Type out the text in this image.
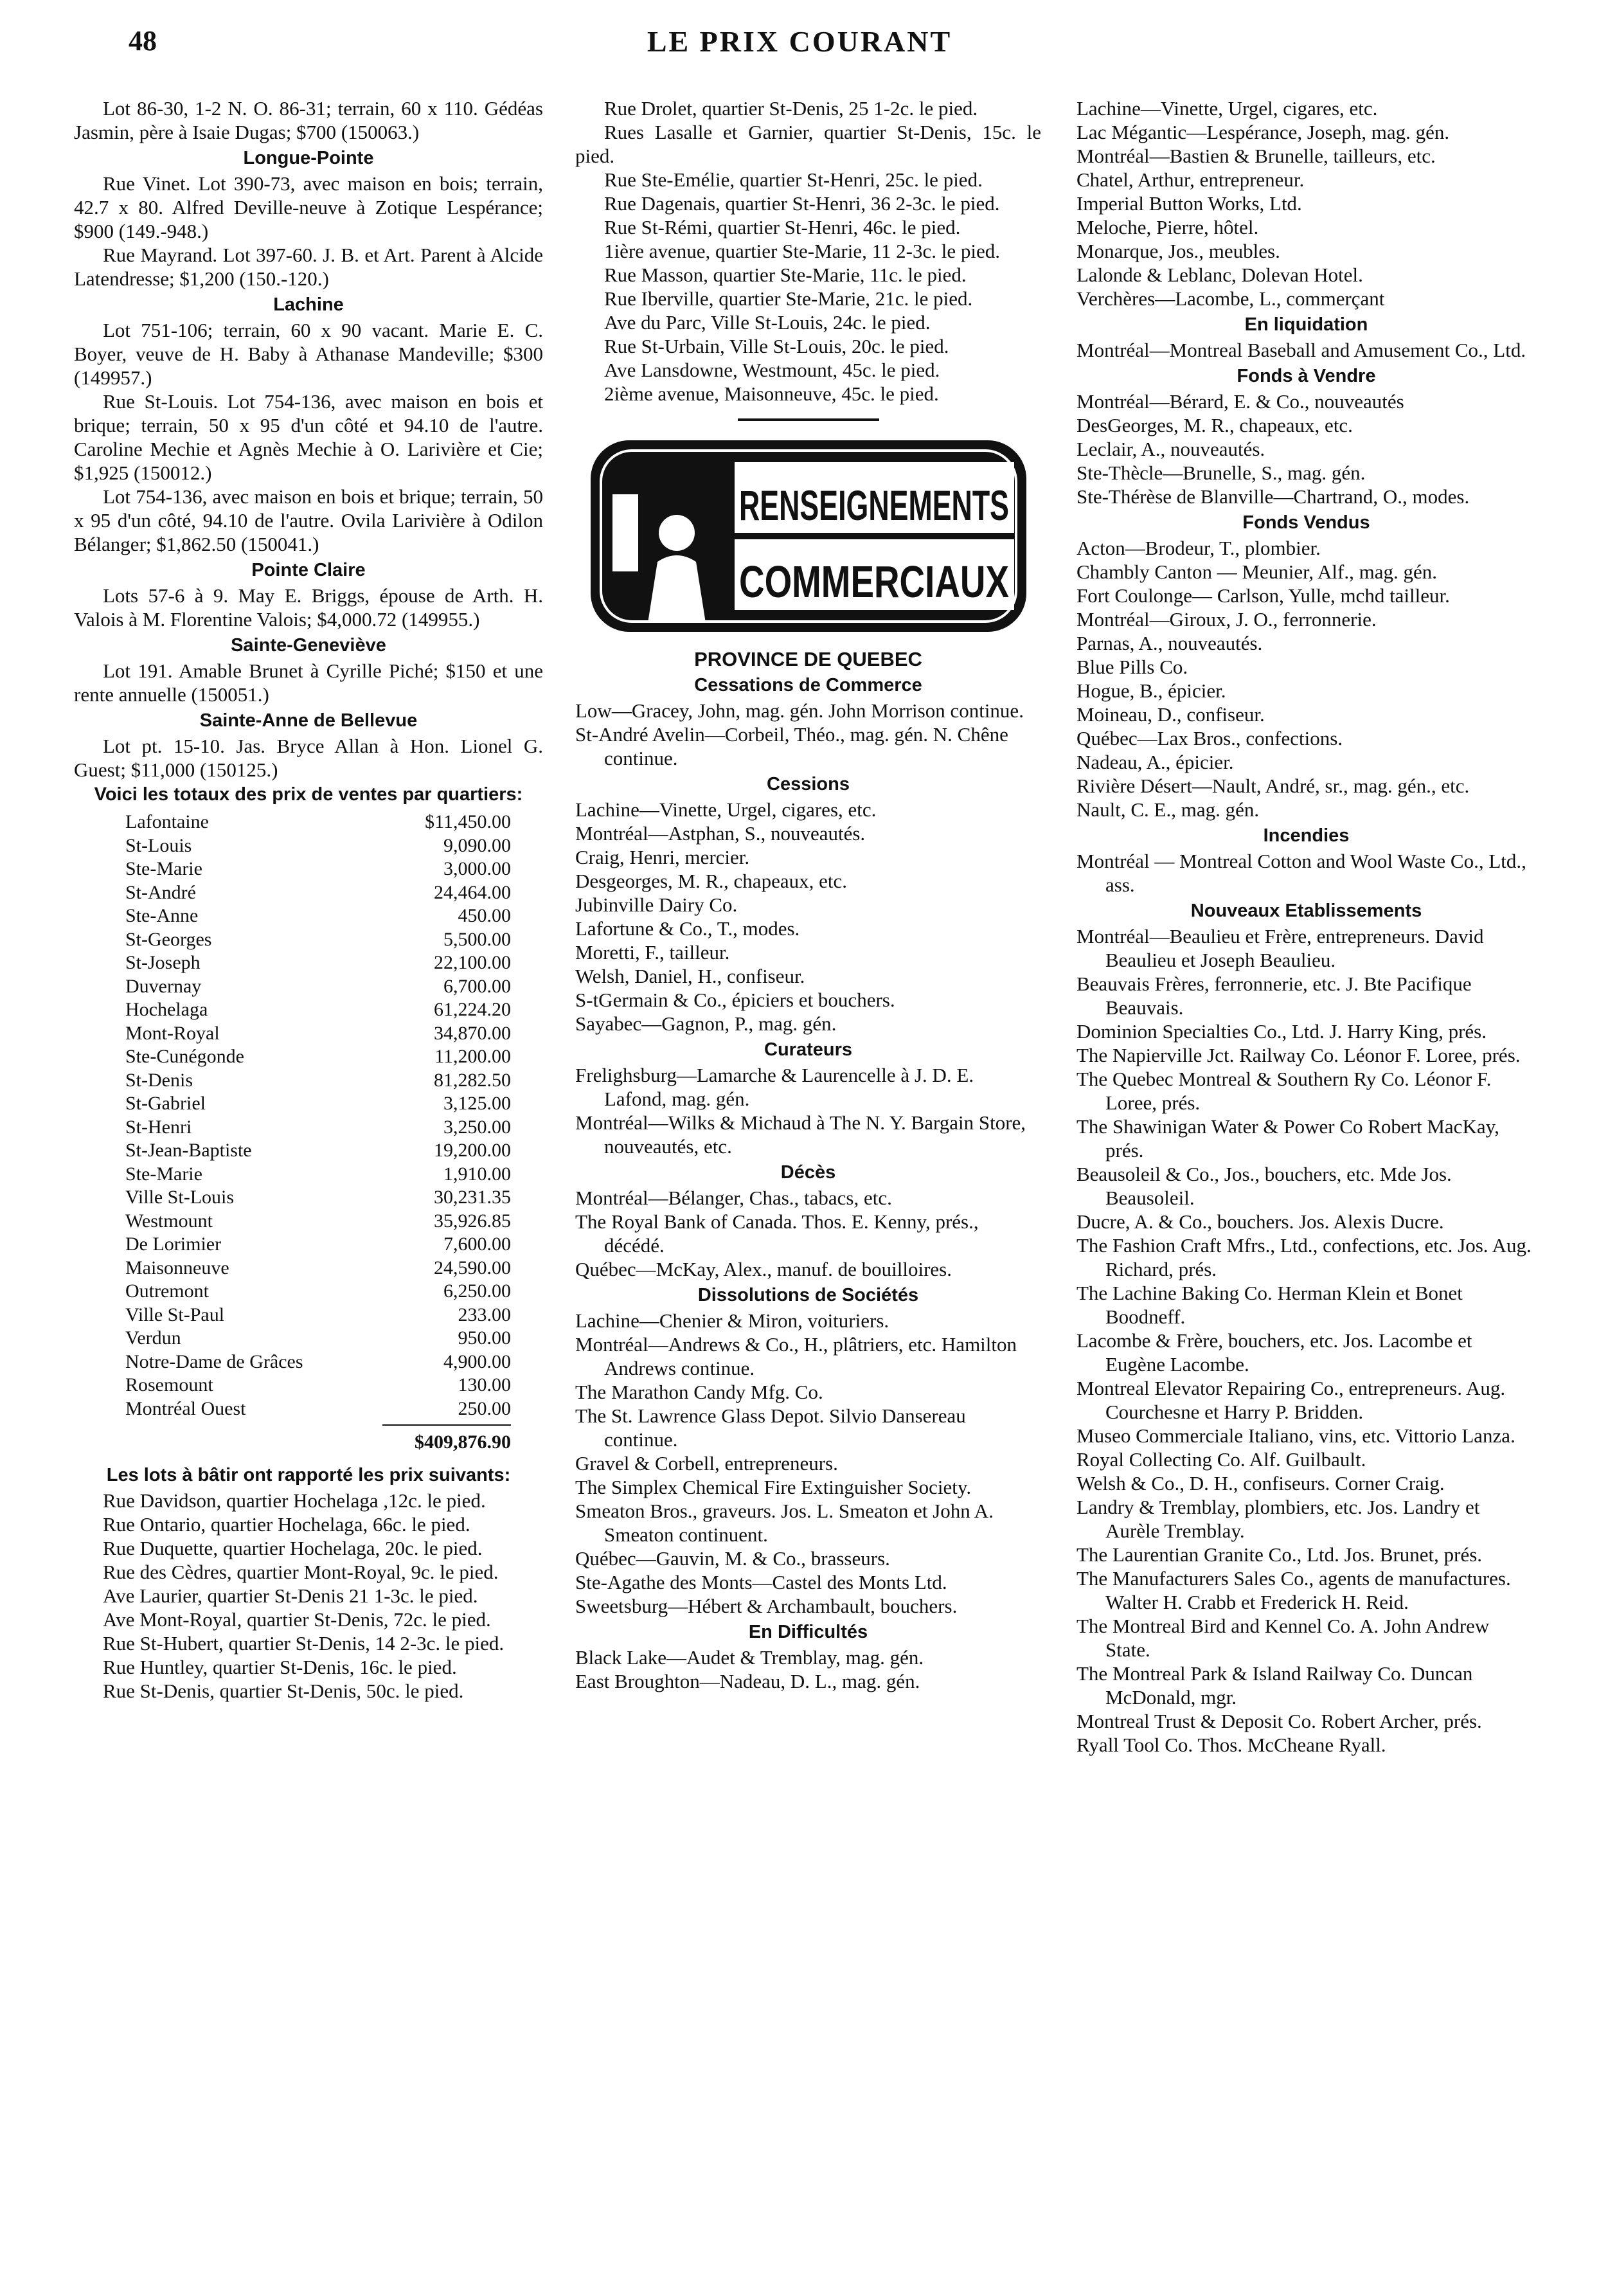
48	LE PRIX COURANT

Lot 86-30, 1-2 N. O. 86-31; terrain, 60 x 110. Gédéas Jasmin, père à Isaie Dugas; $700 (150063.)

Longue-Pointe

Rue Vinet. Lot 390-73, avec maison en bois; terrain, 42.7 x 80. Alfred Deville-neuve à Zotique Lespérance; $900 (149.-948.)

Rue Mayrand. Lot 397-60. J. B. et Art. Parent à Alcide Latendresse; $1,200 (150.-120.)

Lachine

Lot 751-106; terrain, 60 x 90 vacant. Marie E. C. Boyer, veuve de H. Baby à Athanase Mandeville; $300 (149957.)

Rue St-Louis. Lot 754-136, avec maison en bois et brique; terrain, 50 x 95 d'un côté et 94.10 de l'autre. Caroline Mechie et Agnès Mechie à O. Larivière et Cie; $1,925 (150012.)

Lot 754-136, avec maison en bois et brique; terrain, 50 x 95 d'un côté, 94.10 de l'autre. Ovila Larivière à Odilon Bélanger; $1,862.50 (150041.)

Pointe Claire

Lots 57-6 à 9. May E. Briggs, épouse de Arth. H. Valois à M. Florentine Valois; $4,000.72 (149955.)

Sainte-Geneviève

Lot 191. Amable Brunet à Cyrille Piché; $150 et une rente annuelle (150051.)

Sainte-Anne de Bellevue

Lot pt. 15-10. Jas. Bryce Allan à Hon. Lionel G. Guest; $11,000 (150125.)

Voici les totaux des prix de ventes par quartiers:
Lafontaine	$11,450.00
St-Louis	9,090.00
Ste-Marie	3,000.00
St-André	24,464.00
Ste-Anne	450.00
St-Georges	5,500.00
St-Joseph	22,100.00
Duvernay	6,700.00
Hochelaga	61,224.20
Mont-Royal	34,870.00
Ste-Cunégonde	11,200.00
St-Denis	81,282.50
St-Gabriel	3,125.00
St-Henri	3,250.00
St-Jean-Baptiste	19,200.00
Ste-Marie	1,910.00
Ville St-Louis	30,231.35
Westmount	35,926.85
De Lorimier	7,600.00
Maisonneuve	24,590.00
Outremont	6,250.00
Ville St-Paul	233.00
Verdun	950.00
Notre-Dame de Grâces	4,900.00
Rosemount	130.00
Montréal Ouest	250.00
	$409,876.90
Les lots à bâtir ont rapporté les prix suivants:

Rue Davidson, quartier Hochelaga ,12c. le pied.

Rue Ontario, quartier Hochelaga, 66c. le pied.

Rue Duquette, quartier Hochelaga, 20c. le pied.

Rue des Cèdres, quartier Mont-Royal, 9c. le pied.

Ave Laurier, quartier St-Denis 21 1-3c. le pied.

Ave Mont-Royal, quartier St-Denis, 72c. le pied.

Rue St-Hubert, quartier St-Denis, 14 2-3c. le pied.

Rue Huntley, quartier St-Denis, 16c. le pied.

Rue St-Denis, quartier St-Denis, 50c. le pied.

Rue Drolet, quartier St-Denis, 25 1-2c. le pied.

Rues Lasalle et Garnier, quartier St-Denis, 15c. le pied.

Rue Ste-Emélie, quartier St-Henri, 25c. le pied.

Rue Dagenais, quartier St-Henri, 36 2-3c. le pied.

Rue St-Rémi, quartier St-Henri, 46c. le pied.

1ière avenue, quartier Ste-Marie, 11 2-3c. le pied.

Rue Masson, quartier Ste-Marie, 11c. le pied.

Rue Iberville, quartier Ste-Marie, 21c. le pied.

Ave du Parc, Ville St-Louis, 24c. le pied.

Rue St-Urbain, Ville St-Louis, 20c. le pied.

Ave Lansdowne, Westmount, 45c. le pied.

2ième avenue, Maisonneuve, 45c. le pied.

RENSEIGNEMENTS
COMMERCIAUX
PROVINCE DE QUEBEC
Cessations de Commerce

Low—Gracey, John, mag. gén. John Morrison continue.

St-André Avelin—Corbeil, Théo., mag. gén. N. Chêne continue.

Cessions

Lachine—Vinette, Urgel, cigares, etc.

Montréal—Astphan, S., nouveautés.

Craig, Henri, mercier.

Desgeorges, M. R., chapeaux, etc.

Jubinville Dairy Co.

Lafortune & Co., T., modes.

Moretti, F., tailleur.

Welsh, Daniel, H., confiseur.

S-tGermain & Co., épiciers et bouchers.

Sayabec—Gagnon, P., mag. gén.

Curateurs

Frelighsburg—Lamarche & Laurencelle à J. D. E. Lafond, mag. gén.

Montréal—Wilks & Michaud à The N. Y. Bargain Store, nouveautés, etc.

Décès

Montréal—Bélanger, Chas., tabacs, etc.

The Royal Bank of Canada. Thos. E. Kenny, prés., décédé.

Québec—McKay, Alex., manuf. de bouilloires.

Dissolutions de Sociétés

Lachine—Chenier & Miron, voituriers.

Montréal—Andrews & Co., H., plâtriers, etc. Hamilton Andrews continue.

The Marathon Candy Mfg. Co.

The St. Lawrence Glass Depot. Silvio Dansereau continue.

Gravel & Corbell, entrepreneurs.

The Simplex Chemical Fire Extinguisher Society.

Smeaton Bros., graveurs. Jos. L. Smeaton et John A. Smeaton continuent.

Québec—Gauvin, M. & Co., brasseurs.

Ste-Agathe des Monts—Castel des Monts Ltd.

Sweetsburg—Hébert & Archambault, bouchers.

En Difficultés

Black Lake—Audet & Tremblay, mag. gén.

East Broughton—Nadeau, D. L., mag. gén.

Lachine—Vinette, Urgel, cigares, etc.

Lac Mégantic—Lespérance, Joseph, mag. gén.

Montréal—Bastien & Brunelle, tailleurs, etc.

Chatel, Arthur, entrepreneur.

Imperial Button Works, Ltd.

Meloche, Pierre, hôtel.

Monarque, Jos., meubles.

Lalonde & Leblanc, Dolevan Hotel.

Verchères—Lacombe, L., commerçant

En liquidation

Montréal—Montreal Baseball and Amusement Co., Ltd.

Fonds à Vendre

Montréal—Bérard, E. & Co., nouveautés

DesGeorges, M. R., chapeaux, etc.

Leclair, A., nouveautés.

Ste-Thècle—Brunelle, S., mag. gén.

Ste-Thérèse de Blanville—Chartrand, O., modes.

Fonds Vendus

Acton—Brodeur, T., plombier.

Chambly Canton — Meunier, Alf., mag. gén.

Fort Coulonge— Carlson, Yulle, mchd tailleur.

Montréal—Giroux, J. O., ferronnerie.

Parnas, A., nouveautés.

Blue Pills Co.

Hogue, B., épicier.

Moineau, D., confiseur.

Québec—Lax Bros., confections.

Nadeau, A., épicier.

Rivière Désert—Nault, André, sr., mag. gén., etc.

Nault, C. E., mag. gén.

Incendies

Montréal — Montreal Cotton and Wool Waste Co., Ltd., ass.

Nouveaux Etablissements

Montréal—Beaulieu et Frère, entrepreneurs. David Beaulieu et Joseph Beaulieu.

Beauvais Frères, ferronnerie, etc. J. Bte Pacifique Beauvais.

Dominion Specialties Co., Ltd. J. Harry King, prés.

The Napierville Jct. Railway Co. Léonor F. Loree, prés.

The Quebec Montreal & Southern Ry Co. Léonor F. Loree, prés.

The Shawinigan Water & Power Co Robert MacKay, prés.

Beausoleil & Co., Jos., bouchers, etc. Mde Jos. Beausoleil.

Ducre, A. & Co., bouchers. Jos. Alexis Ducre.

The Fashion Craft Mfrs., Ltd., confections, etc. Jos. Aug. Richard, prés.

The Lachine Baking Co. Herman Klein et Bonet Boodneff.

Lacombe & Frère, bouchers, etc. Jos. Lacombe et Eugène Lacombe.

Montreal Elevator Repairing Co., entrepreneurs. Aug. Courchesne et Harry P. Bridden.

Museo Commerciale Italiano, vins, etc. Vittorio Lanza.

Royal Collecting Co. Alf. Guilbault.

Welsh & Co., D. H., confiseurs. Corner Craig.

Landry & Tremblay, plombiers, etc. Jos. Landry et Aurèle Tremblay.

The Laurentian Granite Co., Ltd. Jos. Brunet, prés.

The Manufacturers Sales Co., agents de manufactures. Walter H. Crabb et Frederick H. Reid.

The Montreal Bird and Kennel Co. A. John Andrew State.

The Montreal Park & Island Railway Co. Duncan McDonald, mgr.

Montreal Trust & Deposit Co. Robert Archer, prés.

Ryall Tool Co. Thos. McCheane Ryall.
